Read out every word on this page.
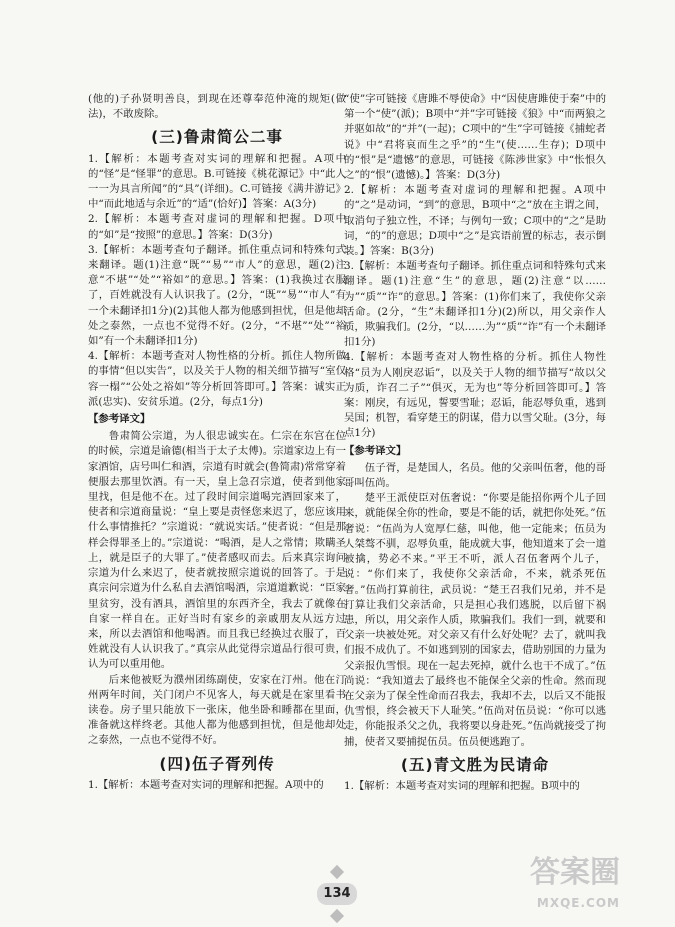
(他的)子孙贤明善良，到现在还尊奉范仲淹的规矩(做法)，不敢废除。

(三)鲁肃简公二事

1.【解析：本题考查对实词的理解和把握。A项中的“怪”是“怪罪”的意思。B.可链接《桃花源记》中“此人一一为具言所闻”的“具”(详细)。C.可链接《满井游记》中“而此地适与余近”的“适”(恰好)】答案：A(3分)

2.【解析：本题考查对虚词的理解和把握。D项中的“如”是“按照”的意思。】答案：D(3分)

3.【解析：本题考查句子翻译。抓住重点词和特殊句式来翻译。题(1)注意“既”“易”“市人”的意思，题(2)注意“不堪”“处”“裕如”的意思。】答案：(1)我换过衣服了，百姓就没有人认识我了。(2分，“既”“易”“市人”有一个未翻译扣1分)(2)其他人都为他感到担忧，但是他却处之泰然，一点也不觉得不好。(2分，“不堪”“处”“裕如”有一个未翻译扣1分)

4.【解析：本题考查对人物性格的分析。抓住人物所做的事情“但以实告”，以及关于人物的相关细节描写“室仅容一榻”“公处之裕如”等分析回答即可。】答案：诚实正派(忠实)、安贫乐道。(2分，每点1分)

【参考译文】

鲁肃简公宗道，为人很忠诚实在。仁宗在东宫在位的时候，宗道是谕德(相当于太子太傅)。宗道家边上有一家酒馆，店号叫仁和酒，宗道有时就会(鲁简肃)常常穿着便服去那里饮酒。有一天，皇上急召宗道，使者到他家里找，但是他不在。过了段时间宗道喝完酒回家来了，使者和宗道商量说：“皇上要是责怪您来迟了，您应该用什么事情推托？”宗道说：“就说实话。”使者说：“但是那样会得罪圣上的。”宗道说：“喝酒，是人之常情；欺瞒圣上，就是臣子的大罪了。”使者感叹而去。后来真宗询问宗道为什么来迟了，使者就按照宗道说的回答了。于是真宗问宗道为什么私自去酒馆喝酒，宗道道歉说：“臣家里贫穷，没有酒具，酒馆里的东西齐全，我去了就像在自家一样自在。正好当时有家乡的亲戚朋友从远方过来，所以去酒馆和他喝酒。而且我已经换过衣服了，百姓就没有人认识我了。”真宗从此觉得宗道品行很可贵，认为可以重用他。

后来他被贬为濮州团练副使，安家在汀州。他在汀州两年时间，关门闭户不见客人，每天就是在家里看书读卷。房子里只能放下一张床，他坐卧和睡都在里面，准备就这样终老。其他人都为他感到担忧，但是他却处之泰然，一点也不觉得不好。

(四)伍子胥列传

1.【解析：本题考查对实词的理解和把握。A项中的

“使”字可链接《唐雎不辱使命》中“因使唐雎使于秦”中的第一个“使”(派)；B项中“并”字可链接《狼》中“而两狼之并驱如故”的“并”(一起)；C项中的“生”字可链接《捕蛇者说》中“君将哀而生之乎”的“生”(使……生存)；D项中的“恨”是“遗憾”的意思，可链接《陈涉世家》中“怅恨久之”的“恨”(遗憾)。】答案：D(3分)

2.【解析：本题考查对虚词的理解和把握。A项中的“之”是动词，“到”的意思，B项中“之”放在主谓之间，取消句子独立性，不译；与例句一致；C项中的“之”是助词，“的”的意思；D项中“之”是宾语前置的标志，表示倒装。】答案：B(3分)

3.【解析：本题考查句子翻译。抓住重点词和特殊句式来翻译。题(1)注意“生”的意思，题(2)注意“以……为”“质”“诈”的意思。】答案：(1)你们来了，我使你父亲活命。(2分，“生”未翻译扣1分)(2)所以，用父亲作人质，欺骗我们。(2分，“以……为”“质”“诈”有一个未翻译扣1分)

4.【解析：本题考查对人物性格的分析。抓住人物性格“员为人刚戾忍诟”，以及关于人物的细节描写“故以父为质，诈召二子”“俱灭，无为也”等分析回答即可。】答案：刚戾，有远见，誓要雪耻；忍诟，能忍辱负重，逃到吴国；机智，看穿楚王的阴谋，借力以雪父耻。(3分，每点1分)

【参考译文】

伍子胥，是楚国人，名员。他的父亲叫伍奢，他的哥哥叫伍尚。

楚平王派使臣对伍奢说：“你要是能招你两个儿子回来，就能保全你的性命，要是不能的话，就把你处死。”伍奢说：“伍尚为人宽厚仁慈，叫他，他一定能来；伍员为人桀骜不驯，忍辱负重，能成就大事，他知道来了会一道被擒，势必不来。”平王不听，派人召伍奢两个儿子，说：“你们来了，我使你父亲活命，不来，就杀死伍奢。”伍尚打算前往，武员说：“楚王召我们兄弟，并不是打算让我们父亲活命，只是担心我们逃脱，以后留下祸患，所以，用父亲作人质，欺骗我们。我们一到，就要和父亲一块被处死。对父亲又有什么好处呢？去了，就叫我们报不成仇了。不如逃到别的国家去，借助别国的力量为父亲报仇雪恨。现在一起去死掉，就什么也干不成了。”伍尚说：“我知道去了最终也不能保全父亲的性命。然而现在父亲为了保全性命而召我去，我却不去，以后又不能报仇雪恨，终会被天下人耻笑。”伍尚对伍员说：“你可以逃走，你能报杀父之仇，我将要以身赴死。”伍尚就接受了拘捕，使者又要捕捉伍员。伍员便逃跑了。

(五)青文胜为民请命

1.【解析：本题考查对实词的理解和把握。B项中的

134
答案圈
MXQE.COM
